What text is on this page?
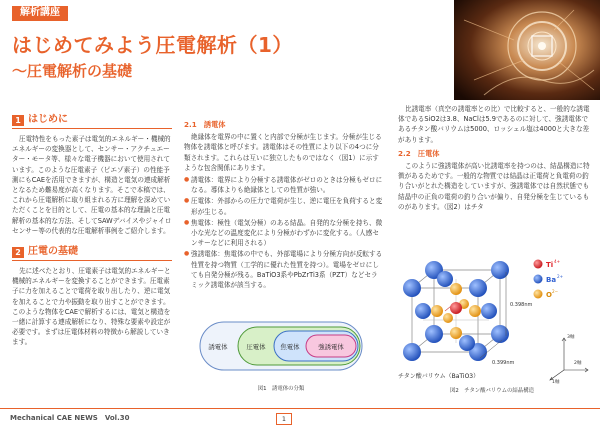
解析講座
はじめてみよう圧電解析（1）
～圧電解析の基礎
1 はじめに

圧電特性をもった素子は電気的エネルギー・機械的エネルギーの変換器として、センサー・アクチュエーター・モータ等、様々な電子機器において使用されています。このような圧電素子（ピエゾ素子）の性能予測にもCAEを活用できますが、構造と電気の連成解析となるため難易度が高くなります。そこで本稿では、これから圧電解析に取り組まれる方に理解を深めていただくことを目的として、圧電の基本的な理論と圧電解析の基本的な方法、そしてSAWデバイスやジャイロセンサー等の代表的な圧電解析事例をご紹介します。

2 圧電の基礎

先に述べたとおり、圧電素子は電気的エネルギーと機械的エネルギーを変換することができます。圧電素子に力を加えることで電荷を取り出したり、逆に電気を加えることで力や振動を取り出すことができます。このような物体をCAEで解析するには、電気と構造を一緒に計算する連成解析になり、特殊な要素や設定が必要です。まずは圧電体材料の特徴から解説していきます。

2.1　誘電体

絶縁体を電界の中に置くと内部で分極が生じます。分極が生じる物体を誘電体と呼びます。誘電体はその性質により以下の4つに分類されます。これらは互いに独立したものではなく（図1）に示すような包含関係にあります。

● 誘電体：電界により分極する誘電体がゼロのときは分極もゼロになる。導体よりも絶縁体としての性質が強い。
● 圧電体：外部からの圧力で電荷が生じ、逆に電圧を負荷すると変形が生じる。
● 焦電体：極性（電気分極）のある結晶。自発的な分極を持ち、微小な光などの温度変化により分極がわずかに変化する。（人感センサーなどに利用される）
● 強誘電体：焦電体の中でも、外部電場により分極方向が反転する性質を持つ物質（工学的に優れた性質を持つ）。電場をゼロにしても自発分極が残る。BaTiO3系やPbZrTi3系（PZT）などセラミック誘電体が該当する。
誘電体	圧電体 焦電体	強誘電体
図1　誘電体の分類

比誘電率（真空の誘電率との比）で比較すると、一般的な誘電体であるSiO2は3.8、NaClは5.9であるのに対して、強誘電体であるチタン酸バリウムは5000、ロッシェル塩は4000と大きな差があります。

2.2　圧電体

このように強誘電体が高い比誘電率を持つのは、結晶構造に特徴があるためです。一般的な物質では結晶は正電荷と負電荷の釣り合いがとれた構造をしていますが、強誘電体では自然状態でも結晶中の正負の電荷の釣り合いが偏り、自発分極を生じているものがあります。（図2）はチタ

0.398nm
0.399nm
Ti 4+
Ba 2+
O 2−
3軸
2軸
1軸
チタン酸バリウム（BaTiO3）
図2　チタン酸バリウムの結晶構造
Mechanical CAE NEWS　Vol.30	1
